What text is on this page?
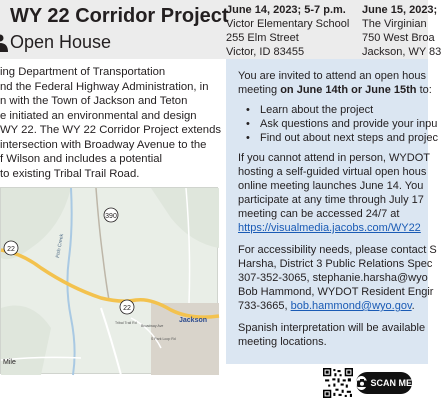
WY 22 Corridor Project
Open House
June 14, 2023; 5-7 p.m.
Victor Elementary School
255 Elm Street
Victor, ID 83455
June 15, 2023;
The Virginian
750 West Broa
Jackson, WY 83
ing Department of Transportation
nd the Federal Highway Administration, in
n with the Town of Jackson and Teton
e initiated an environmental and design
WY 22. The WY 22 Corridor Project extends
intersection with Broadway Avenue to the
f Wilson and includes a potential
to existing Tribal Trail Road.
390
22
22
Fish Creek
Jackson
Mile
Tribal Trail Rd
Broadway Ave
S Park Loop Rd

You are invited to attend an open hous

meeting on June 14th or June 15th to:

• Learn about the project
• Ask questions and provide your inpu
• Find out about next steps and projec

If you cannot attend in person, WYDOT

hosting a self-guided virtual open hous

online meeting launches June 14. You

participate at any time through July 17

meeting can be accessed 24/7 at

https://visualmedia.jacobs.com/WY22

For accessibility needs, please contact S

Harsha, District 3 Public Relations Spec

307-352-3065, stephanie.harsha@wyo

Bob Hammond, WYDOT Resident Engir

733-3665, bob.hammond@wyo.gov.

Spanish interpretation will be available

meeting locations.

SCAN ME
